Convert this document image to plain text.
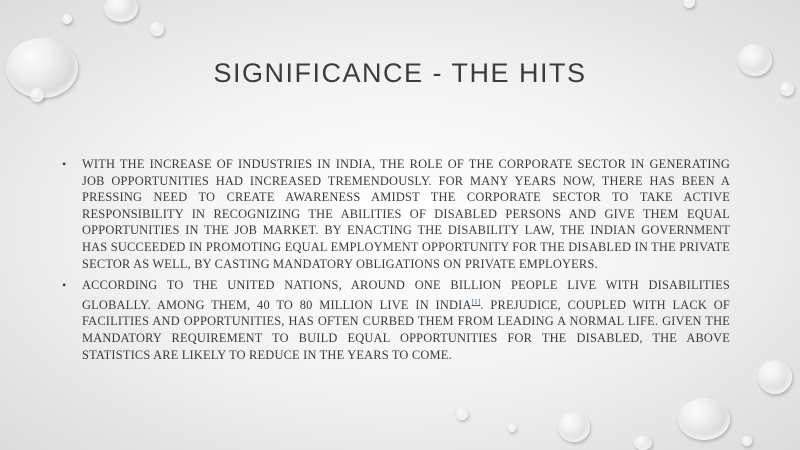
SIGNIFICANCE - THE HITS
• WITH THE INCREASE OF INDUSTRIES IN INDIA, THE ROLE OF THE CORPORATE SECTOR IN GENERATING JOB OPPORTUNITIES HAD INCREASED TREMENDOUSLY. FOR MANY YEARS NOW, THERE HAS BEEN A PRESSING NEED TO CREATE AWARENESS AMIDST THE CORPORATE SECTOR TO TAKE ACTIVE RESPONSIBILITY IN RECOGNIZING THE ABILITIES OF DISABLED PERSONS AND GIVE THEM EQUAL OPPORTUNITIES IN THE JOB MARKET. BY ENACTING THE DISABILITY LAW, THE INDIAN GOVERNMENT HAS SUCCEEDED IN PROMOTING EQUAL EMPLOYMENT OPPORTUNITY FOR THE DISABLED IN THE PRIVATE SECTOR AS WELL, BY CASTING MANDATORY OBLIGATIONS ON PRIVATE EMPLOYERS.
• ACCORDING TO THE UNITED NATIONS, AROUND ONE BILLION PEOPLE LIVE WITH DISABILITIES GLOBALLY. AMONG THEM, 40 TO 80 MILLION LIVE IN INDIA[1]. PREJUDICE, COUPLED WITH LACK OF FACILITIES AND OPPORTUNITIES, HAS OFTEN CURBED THEM FROM LEADING A NORMAL LIFE. GIVEN THE MANDATORY REQUIREMENT TO BUILD EQUAL OPPORTUNITIES FOR THE DISABLED, THE ABOVE STATISTICS ARE LIKELY TO REDUCE IN THE YEARS TO COME.
